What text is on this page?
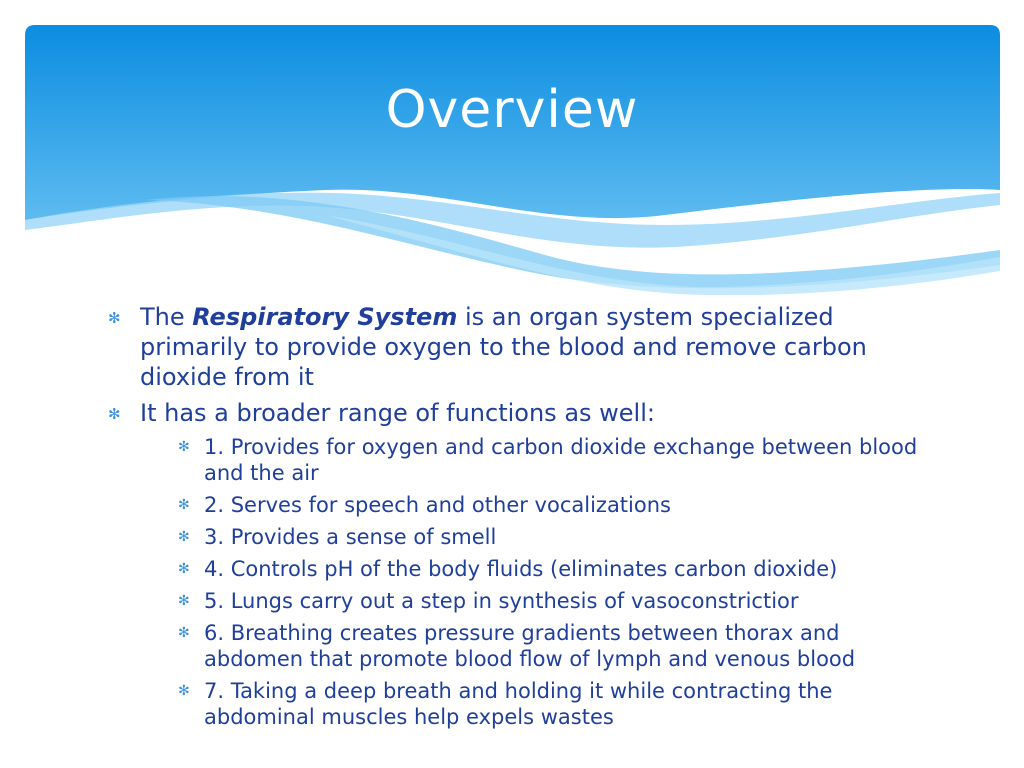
Overview
✻ The Respiratory System is an organ system specialized primarily to provide oxygen to the blood and remove carbon dioxide from it
✻ It has a broader range of functions as well:
✻ 1. Provides for oxygen and carbon dioxide exchange between blood and the air
✻ 2. Serves for speech and other vocalizations
✻ 3. Provides a sense of smell
✻ 4. Controls pH of the body fluids (eliminates carbon dioxide)
✻ 5. Lungs carry out a step in synthesis of vasoconstrictior
✻ 6. Breathing creates pressure gradients between thorax and abdomen that promote blood flow of lymph and venous blood
✻ 7. Taking a deep breath and holding it while contracting the abdominal muscles help expels wastes
